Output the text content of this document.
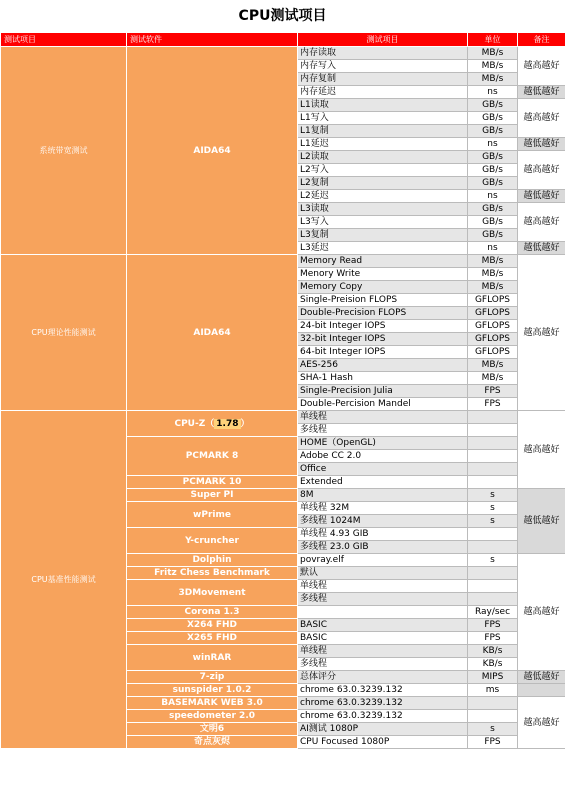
CPU测试项目
测试项目	测试软件	测试项目	单位	备注
系统带宽测试	AIDA64	内存读取	MB/s	越高越好
		内存写入	MB/s	
		内存复制	MB/s	
		内存延迟	ns	越低越好
		L1读取	GB/s	越高越好
		L1写入	GB/s	
		L1复制	GB/s	
		L1延迟	ns	越低越好
		L2读取	GB/s	越高越好
		L2写入	GB/s	
		L2复制	GB/s	
		L2延迟	ns	越低越好
		L3读取	GB/s	越高越好
		L3写入	GB/s	
		L3复制	GB/s	
		L3延迟	ns	越低越好
CPU理论性能测试	AIDA64	Memory Read	MB/s	越高越好
		Menory Write	MB/s	
		Memory Copy	MB/s	
		Single-Preision FLOPS	GFLOPS	
		Double-Precision FLOPS	GFLOPS	
		24-bit Integer IOPS	GFLOPS	
		32-bit Integer IOPS	GFLOPS	
		64-bit Integer IOPS	GFLOPS	
		AES-256	MB/s	
		SHA-1 Hash	MB/s	
		Single-Precision Julia	FPS	
		Double-Percision Mandel	FPS	
CPU基准性能测试	CPU-Z（ 1.78 ）	单线程		越高越好
		多线程		
	PCMARK 8	HOME（OpenGL)		
		Adobe CC 2.0		
		Office		
	PCMARK 10	Extended		
	Super PI	8M	s	越低越好
	wPrime	单线程 32M	s	
		多线程 1024M	s	
	Y-cruncher	单线程 4.93 GIB		
		多线程 23.0 GIB		
	Dolphin	povray.elf	s	越高越好
	Fritz Chess Benchmark	默认		
	3DMovement	单线程		
		多线程		
	Corona 1.3		Ray/sec	
	X264 FHD	BASIC	FPS	
	X265 FHD	BASIC	FPS	
	winRAR	单线程	KB/s	
		多线程	KB/s	
	7-zip	总体评分	MIPS	越低越好
	sunspider 1.0.2	chrome 63.0.3239.132	ms	
	BASEMARK WEB 3.0	chrome 63.0.3239.132		越高越好
	speedometer 2.0	chrome 63.0.3239.132		
	文明6	AI测试 1080P	s	
	奇点灰烬	CPU Focused 1080P	FPS	
